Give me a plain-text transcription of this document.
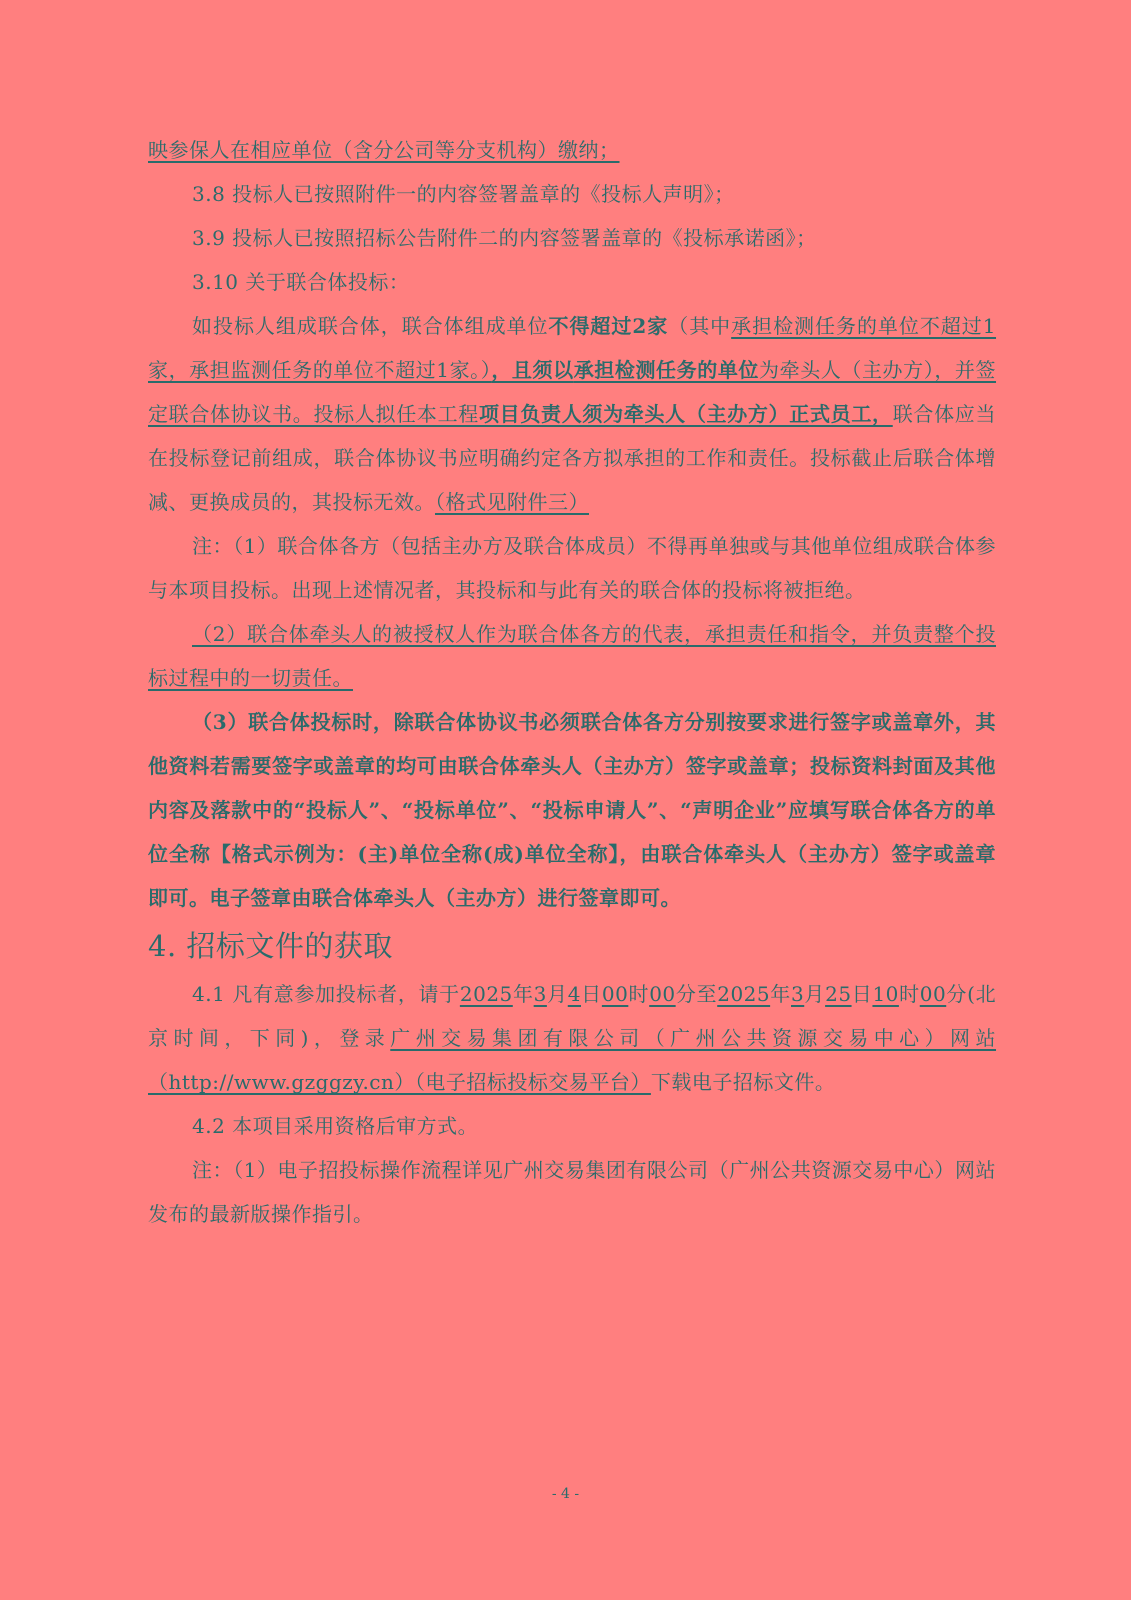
映参保人在相应单位（含分公司等分支机构）缴纳；

3.8 投标人已按照附件一的内容签署盖章的《投标人声明》；

3.9 投标人已按照招标公告附件二的内容签署盖章的《投标承诺函》；

3.10 关于联合体投标：

如投标人组成联合体，联合体组成单位不得超过2家（其中承担检测任务的单位不超过1家，承担监测任务的单位不超过1家。），且须以承担检测任务的单位为牵头人（主办方），并签定联合体协议书。投标人拟任本工程项目负责人须为牵头人（主办方）正式员工，联合体应当在投标登记前组成，联合体协议书应明确约定各方拟承担的工作和责任。投标截止后联合体增减、更换成员的，其投标无效。（格式见附件三）

注：（1）联合体各方（包括主办方及联合体成员）不得再单独或与其他单位组成联合体参与本项目投标。出现上述情况者，其投标和与此有关的联合体的投标将被拒绝。

（2）联合体牵头人的被授权人作为联合体各方的代表，承担责任和指令，并负责整个投标过程中的一切责任。

（3）联合体投标时，除联合体协议书必须联合体各方分别按要求进行签字或盖章外，其他资料若需要签字或盖章的均可由联合体牵头人（主办方）签字或盖章；投标资料封面及其他内容及落款中的“投标人”、“投标单位”、“投标申请人”、“声明企业”应填写联合体各方的单位全称【格式示例为：(主)单位全称(成)单位全称】，由联合体牵头人（主办方）签字或盖章即可。电子签章由联合体牵头人（主办方）进行签章即可。

4. 招标文件的获取

4.1 凡有意参加投标者，请于2025年3月4日00时00分至2025年3月25日10时00分(北京时间，下同)，登录广州交易集团有限公司（广州公共资源交易中心）网站（http://www.gzggzy.cn）（电子招标投标交易平台）下载电子招标文件。

4.2 本项目采用资格后审方式。

注：（1）电子招投标操作流程详见广州交易集团有限公司（广州公共资源交易中心）网站发布的最新版操作指引。

- 4 -
